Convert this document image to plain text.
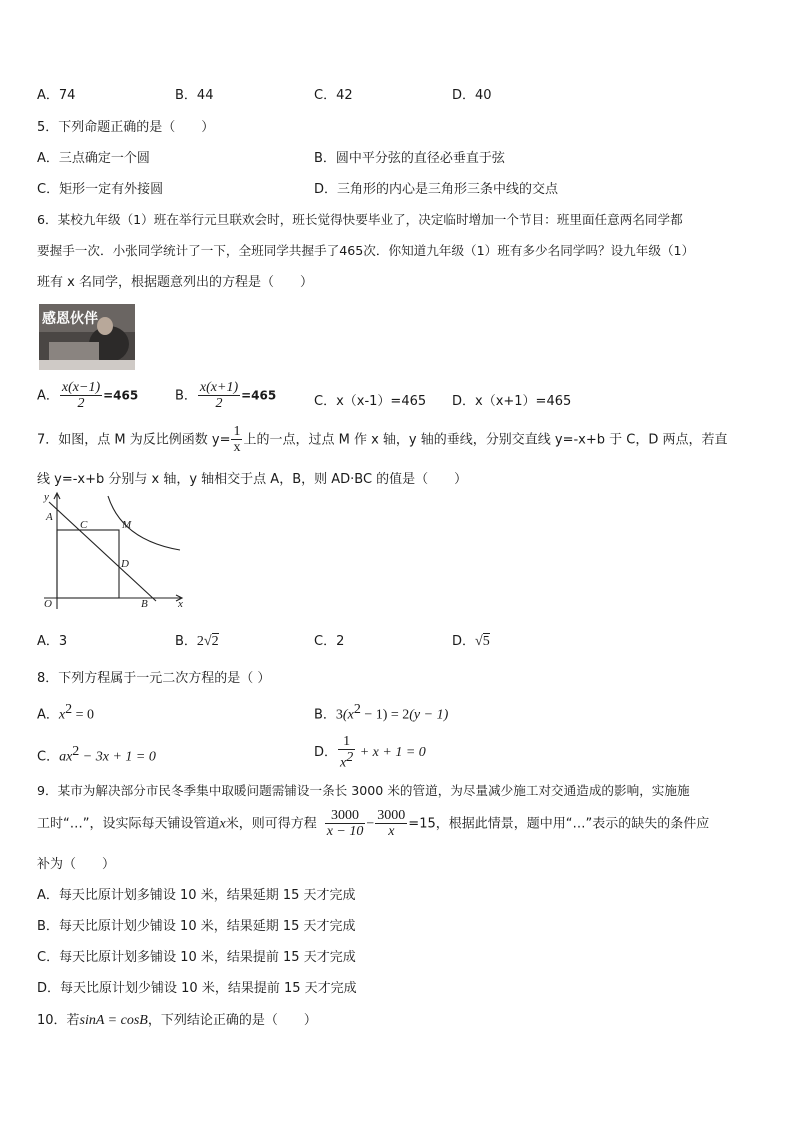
A．74	B．44	C．42	D．40
5．下列命题正确的是（　　）
A．三点确定一个圆	B．圆中平分弦的直径必垂直于弦
C．矩形一定有外接圆	D．三角形的内心是三角形三条中线的交点
6．某校九年级（1）班在举行元旦联欢会时，班长觉得快要毕业了，决定临时增加一个节目：班里面任意两名同学都
要握手一次．小张同学统计了一下，全班同学共握手了465次．你知道九年级（1）班有多少名同学吗？设九年级（1）
班有 x 名同学，根据题意列出的方程是（　　）
感恩伙伴
A． $\frac{x(x-1)}{2} =465$	B． $\frac{x(x+1)}{2} =465$	C．x（x-1）=465 D．x（x+1）=465
7．如图，点 M 为反比例函数 $y= \frac{1}{x}$ 上的一点，过点 M 作 x 轴，y 轴的垂线，分别交直线 y=-x+b 于 C，D 两点，若直
线 y=-x+b 分别与 x 轴，y 轴相交于点 A，B，则 AD·BC 的值是（　　）
y
A
C	M
D
O	B	x
A．3	B．2√2	C．2	D．√5
8．下列方程属于一元二次方程的是（ ）
A．$x^2 = 0$	B．$3(x^2 - 1) = 2(y - 1)$
C．$ax^2 - 3x + 1 = 0$	D． $\frac{1}{x^2} + x + 1 = 0$
9．某市为解决部分市民冬季集中取暖问题需铺设一条长 3000 米的管道，为尽量减少施工对交通造成的影响，实施施
工时“…”，设实际每天铺设管道x米，则可得方程 $\frac{3000}{x - 10} - \frac{3000}{x} =15$，根据此情景，题中用“…”表示的缺失的条件应
补为（　　）
A．每天比原计划多铺设 10 米，结果延期 15 天才完成
B．每天比原计划少铺设 10 米，结果延期 15 天才完成
C．每天比原计划多铺设 10 米，结果提前 15 天才完成
D．每天比原计划少铺设 10 米，结果提前 15 天才完成
10．若sinA = cosB，下列结论正确的是（　　）
